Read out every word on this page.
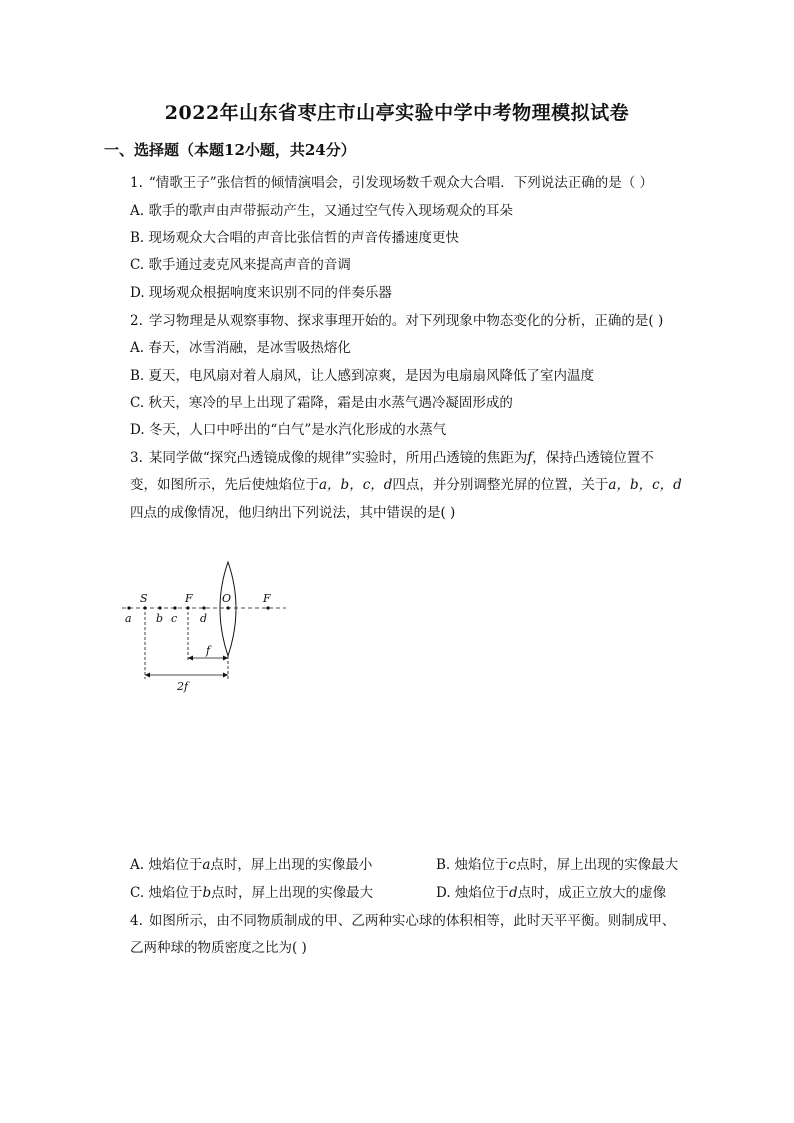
2022年山东省枣庄市山亭实验中学中考物理模拟试卷
一、选择题（本题12小题，共24分）
1. “情歌王子”张信哲的倾情演唱会，引发现场数千观众大合唱．下列说法正确的是（ ）
A. 歌手的歌声由声带振动产生，又通过空气传入现场观众的耳朵
B. 现场观众大合唱的声音比张信哲的声音传播速度更快
C. 歌手通过麦克风来提高声音的音调
D. 现场观众根据响度来识别不同的伴奏乐器
2. 学习物理是从观察事物、探求事理开始的。对下列现象中物态变化的分析，正确的是( )
A. 春天，冰雪消融，是冰雪吸热熔化
B. 夏天，电风扇对着人扇风，让人感到凉爽，是因为电扇扇风降低了室内温度
C. 秋天，寒冷的早上出现了霜降，霜是由水蒸气遇冷凝固形成的
D. 冬天，人口中呼出的“白气”是水汽化形成的水蒸气
3. 某同学做“探究凸透镜成像的规律”实验时，所用凸透镜的焦距为f，保持凸透镜位置不
变，如图所示，先后使烛焰位于a，b，c，d四点，并分别调整光屏的位置，关于a，b，c，d
四点的成像情况，他归纳出下列说法，其中错误的是( )
S	F	O	F
a b c d
f
2f
A. 烛焰位于a点时，屏上出现的实像最小	B. 烛焰位于c点时，屏上出现的实像最大
C. 烛焰位于b点时，屏上出现的实像最大	D. 烛焰位于d点时，成正立放大的虚像
4. 如图所示，由不同物质制成的甲、乙两种实心球的体积相等，此时天平平衡。则制成甲、
乙两种球的物质密度之比为( )
